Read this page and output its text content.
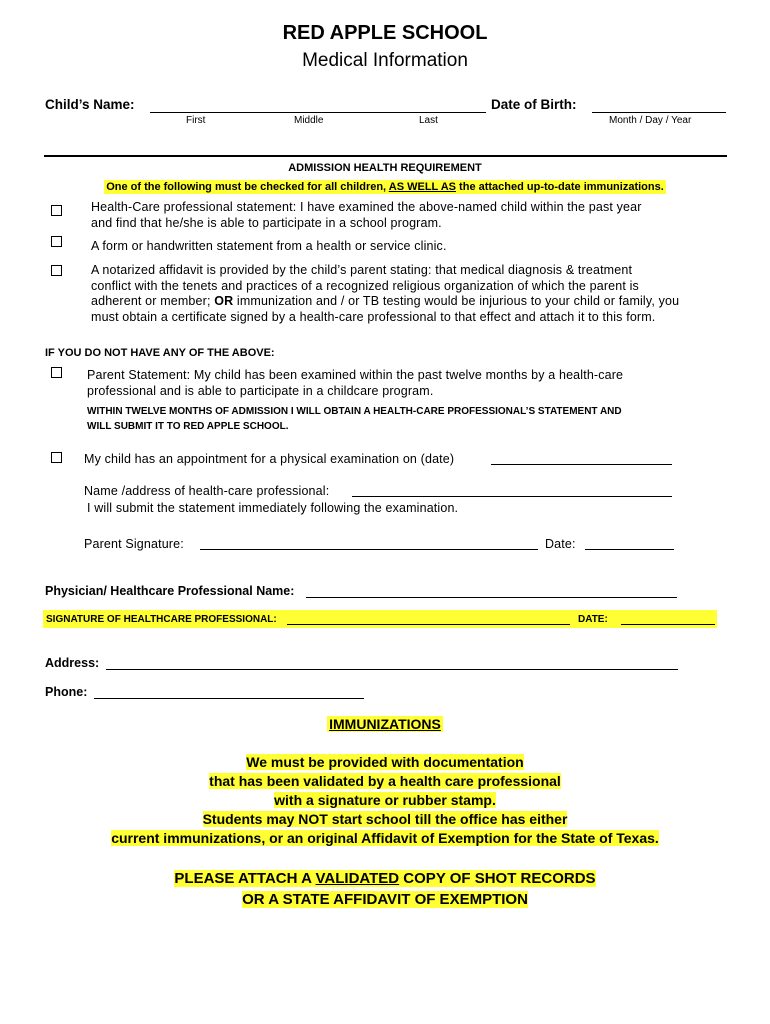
RED APPLE SCHOOL
Medical Information
Child’s Name:	Date of Birth:
First	Middle	Last	Month / Day / Year
ADMISSION HEALTH REQUIREMENT
One of the following must be checked for all children, AS WELL AS the attached up-to-date immunizations.
Health-Care professional statement: I have examined the above-named child within the past year
and find that he/she is able to participate in a school program.
A form or handwritten statement from a health or service clinic.
A notarized affidavit is provided by the child’s parent stating: that medical diagnosis & treatment
conflict with the tenets and practices of a recognized religious organization of which the parent is
adherent or member; OR immunization and / or TB testing would be injurious to your child or family, you
must obtain a certificate signed by a health-care professional to that effect and attach it to this form.
IF YOU DO NOT HAVE ANY OF THE ABOVE:
Parent Statement: My child has been examined within the past twelve months by a health-care
professional and is able to participate in a childcare program.
WITHIN TWELVE MONTHS OF ADMISSION I WILL OBTAIN A HEALTH-CARE PROFESSIONAL’S STATEMENT AND
WILL SUBMIT IT TO RED APPLE SCHOOL.
My child has an appointment for a physical examination on (date)
Name /address of health-care professional:
I will submit the statement immediately following the examination.
Parent Signature:	Date:
Physician/ Healthcare Professional Name:
SIGNATURE OF HEALTHCARE PROFESSIONAL:	DATE:
Address:
Phone:
IMMUNIZATIONS
We must be provided with documentation
that has been validated by a health care professional
with a signature or rubber stamp.
Students may NOT start school till the office has either
current immunizations, or an original Affidavit of Exemption for the State of Texas.
PLEASE ATTACH A VALIDATED COPY OF SHOT RECORDS
OR A STATE AFFIDAVIT OF EXEMPTION
